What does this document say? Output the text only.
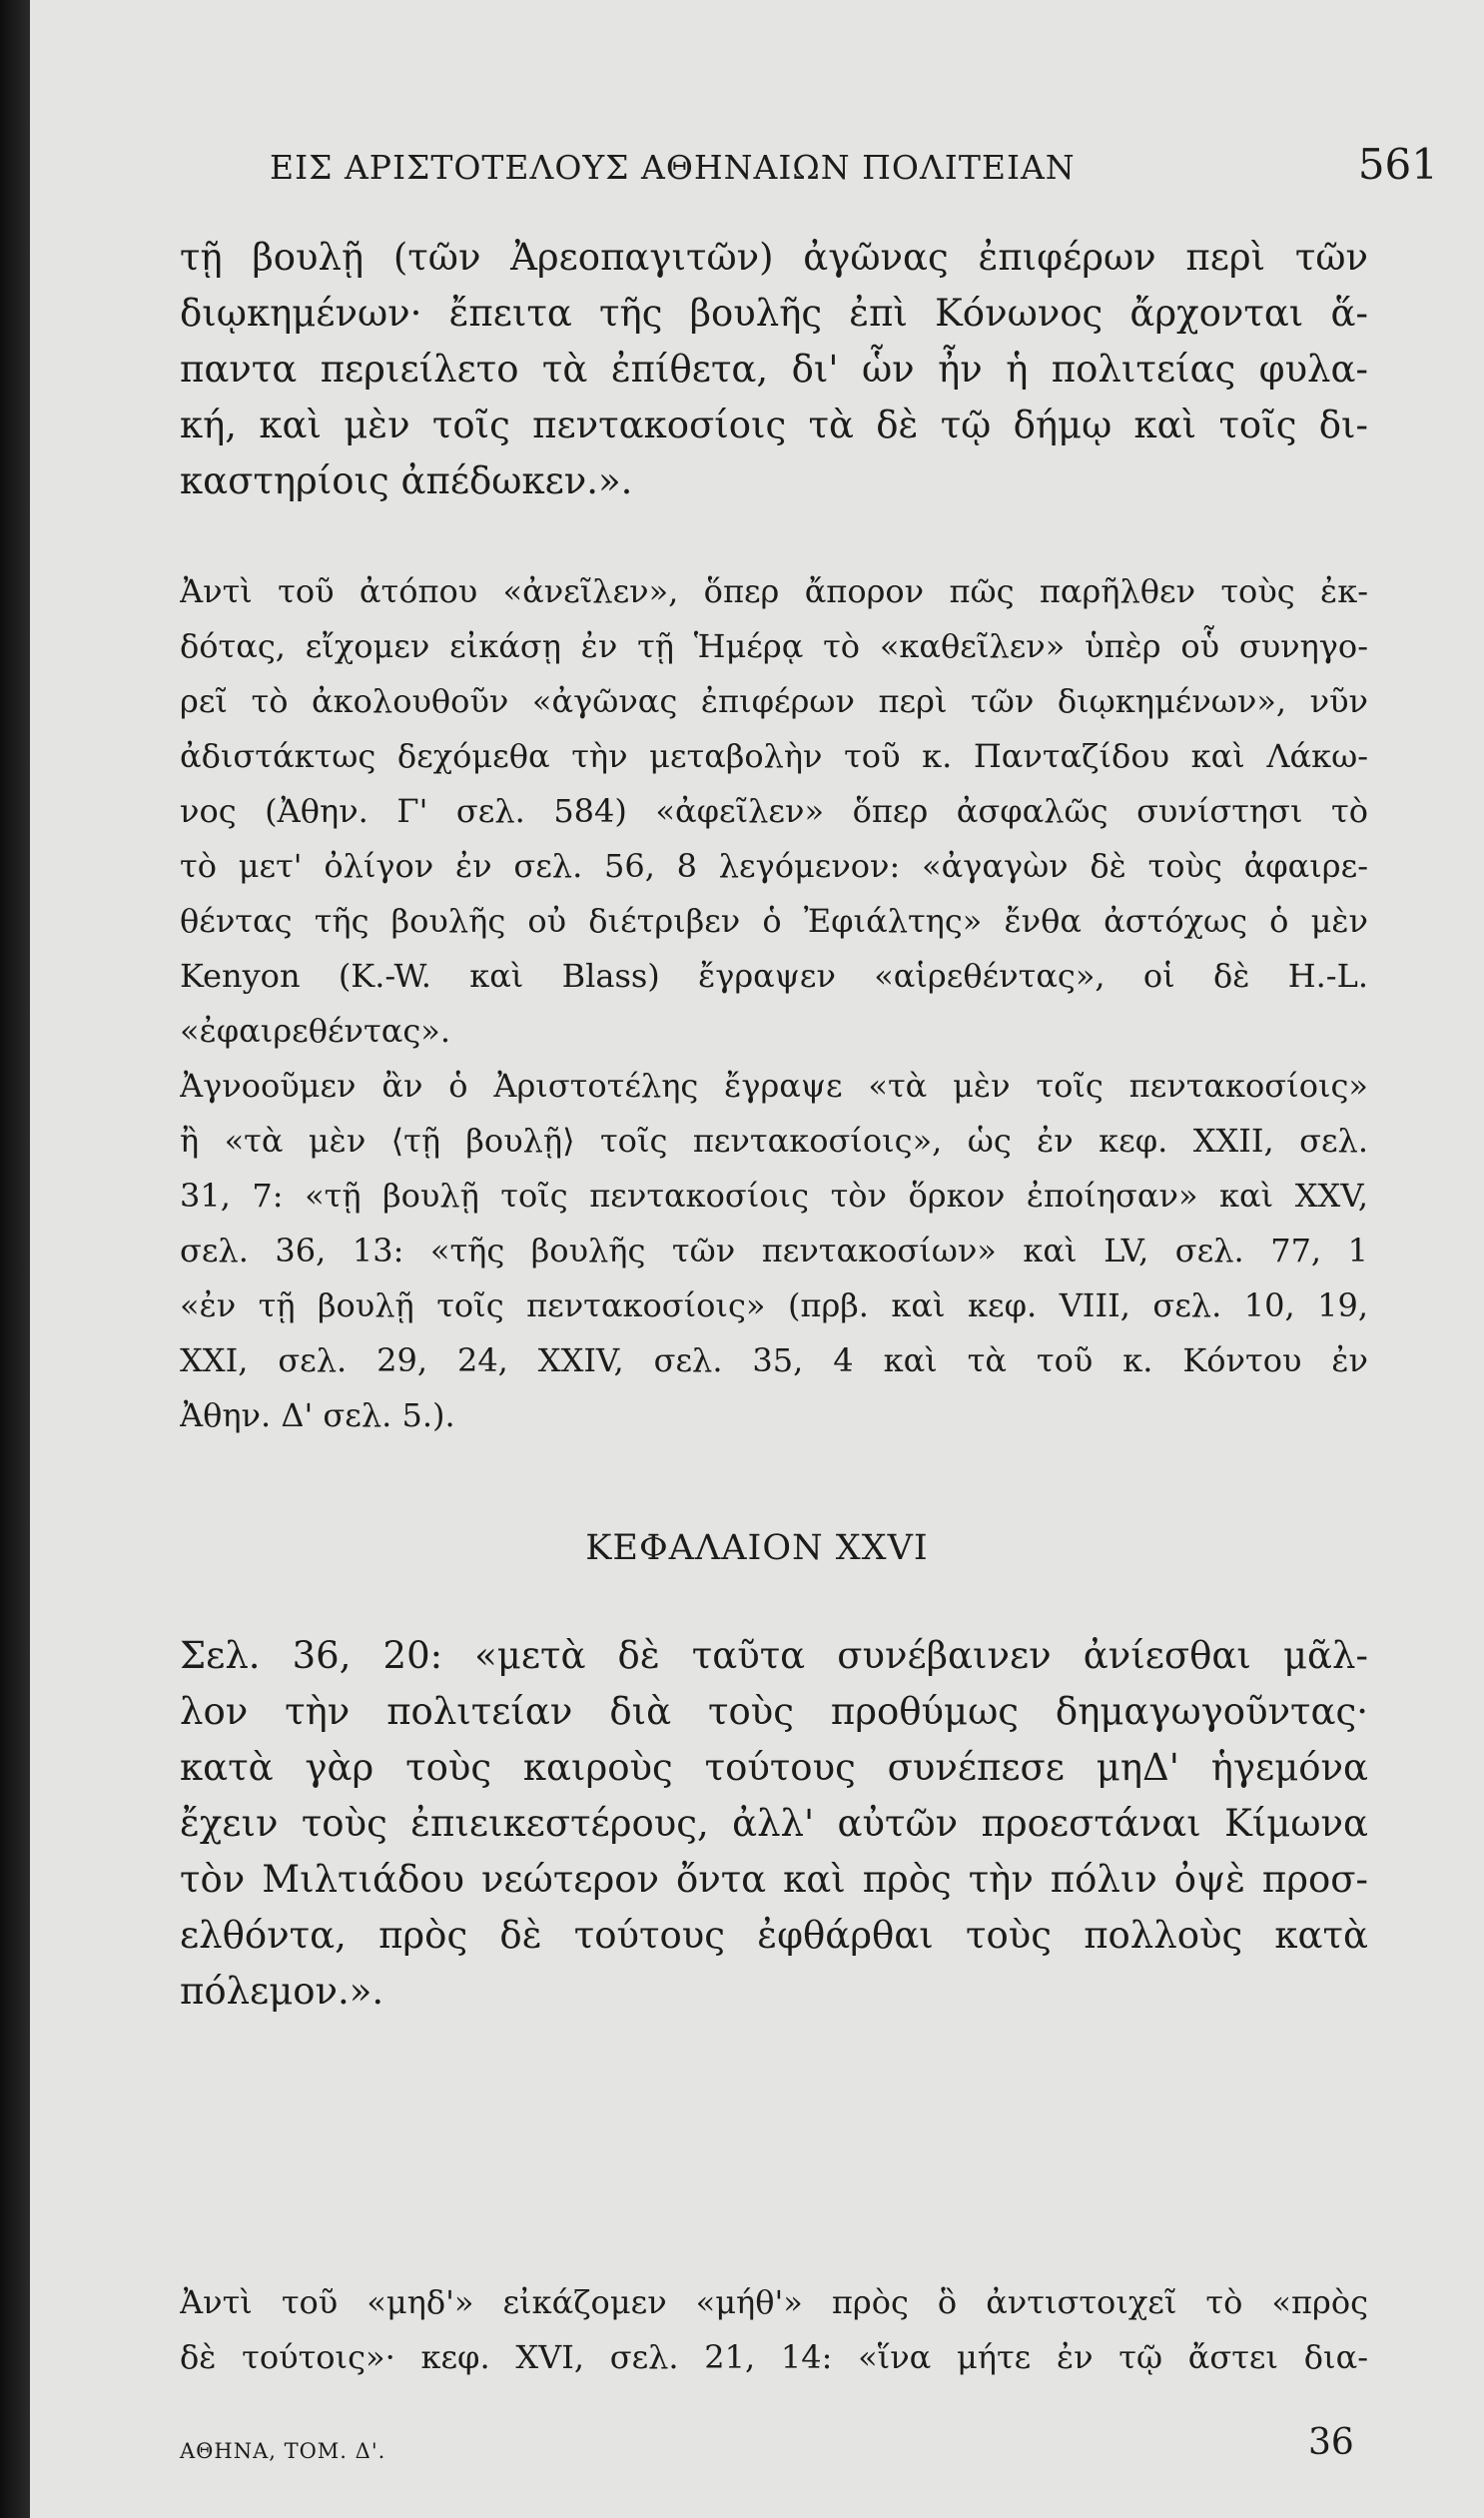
ΕΙΣ ΑΡΙΣΤΟΤΕΛΟΥΣ ΑΘΗΝΑΙΩΝ ΠΟΛΙΤΕΙΑΝ	561
τῇ βουλῇ (τῶν Ἀρεοπαγιτῶν) ἀγῶνας ἐπιφέρων περὶ τῶν
διῳκημένων· ἔπειτα τῆς βουλῆς ἐπὶ Κόνωνος ἄρχονται ἅ-
παντα περιείλετο τὰ ἐπίθετα, δι' ὧν ἦν ἡ πολιτείας φυλα-
κή, καὶ μὲν τοῖς πεντακοσίοις τὰ δὲ τῷ δήμῳ καὶ τοῖς δι-
καστηρίοις ἀπέδωκεν.».
Ἀντὶ τοῦ ἀτόπου «ἀνεῖλεν», ὅπερ ἄπορον πῶς παρῆλθεν τοὺς ἐκ-
δότας, εἴχομεν εἰκάσῃ ἐν τῇ Ἡμέρᾳ τὸ «καθεῖλεν» ὑπὲρ οὗ συνηγο-
ρεῖ τὸ ἀκολουθοῦν «ἀγῶνας ἐπιφέρων περὶ τῶν διῳκημένων», νῦν
ἀδιστάκτως δεχόμεθα τὴν μεταβολὴν τοῦ κ. Πανταζίδου καὶ Λάκω-
νος (Ἀθην. Γ' σελ. 584) «ἀφεῖλεν» ὅπερ ἀσφαλῶς συνίστησι τὸ
τὸ μετ' ὀλίγον ἐν σελ. 56, 8 λεγόμενον: «ἀγαγὼν δὲ τοὺς ἀφαιρε-
θέντας τῆς βουλῆς οὐ διέτριβεν ὁ Ἐφιάλτης» ἔνθα ἀστόχως ὁ μὲν
Kenyon (K.-W. καὶ Blass) ἔγραψεν «αἱρεθέντας», οἱ δὲ H.-L.
«ἐφαιρεθέντας».
Ἀγνοοῦμεν ἂν ὁ Ἀριστοτέλης ἔγραψε «τὰ μὲν τοῖς πεντακοσίοις»
ἢ «τὰ μὲν ⟨τῇ βουλῇ⟩ τοῖς πεντακοσίοις», ὡς ἐν κεφ. XXII, σελ.
31, 7: «τῇ βουλῇ τοῖς πεντακοσίοις τὸν ὅρκον ἐποίησαν» καὶ XXV,
σελ. 36, 13: «τῆς βουλῆς τῶν πεντακοσίων» καὶ LV, σελ. 77, 1
«ἐν τῇ βουλῇ τοῖς πεντακοσίοις» (πρβ. καὶ κεφ. VIII, σελ. 10, 19,
XXI, σελ. 29, 24, XXIV, σελ. 35, 4 καὶ τὰ τοῦ κ. Κόντου ἐν
Ἀθην. Δ' σελ. 5.).
ΚΕΦΑΛΑΙΟΝ XXVI
Σελ. 36, 20: «μετὰ δὲ ταῦτα συνέβαινεν ἀνίεσθαι μᾶλ-
λον τὴν πολιτείαν διὰ τοὺς προθύμως δημαγωγοῦντας·
κατὰ γὰρ τοὺς καιροὺς τούτους συνέπεσε μηΔ' ἡγεμόνα
ἔχειν τοὺς ἐπιεικεστέρους, ἀλλ' αὐτῶν προεστάναι Κίμωνα
τὸν Μιλτιάδου νεώτερον ὄντα καὶ πρὸς τὴν πόλιν ὀψὲ προσ-
ελθόντα, πρὸς δὲ τούτους ἐφθάρθαι τοὺς πολλοὺς κατὰ
πόλεμον.».
Ἀντὶ τοῦ «μηδ'» εἰκάζομεν «μήθ'» πρὸς ὃ ἀντιστοιχεῖ τὸ «πρὸς
δὲ τούτοις»· κεφ. XVI, σελ. 21, 14: «ἵνα μήτε ἐν τῷ ἄστει δια-
ΑΘΗΝΑ, ΤΟΜ. Δ'.	36
